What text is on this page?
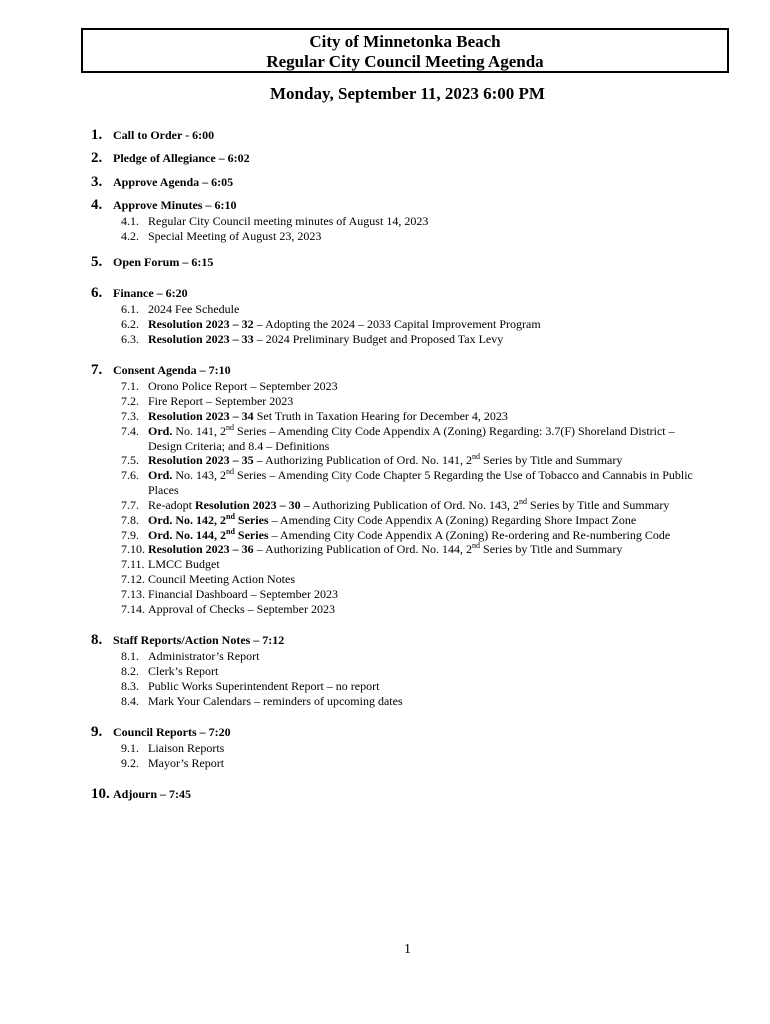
City of Minnetonka Beach
Regular City Council Meeting Agenda
Monday, September 11, 2023 6:00 PM
1. Call to Order - 6:00
2. Pledge of Allegiance – 6:02
3. Approve Agenda – 6:05
4. Approve Minutes – 6:10
4.1. Regular City Council meeting minutes of August 14, 2023
4.2. Special Meeting of August 23, 2023
5. Open Forum – 6:15
6. Finance – 6:20
6.1. 2024 Fee Schedule
6.2. Resolution 2023 – 32 – Adopting the 2024 – 2033 Capital Improvement Program
6.3. Resolution 2023 – 33 – 2024 Preliminary Budget and Proposed Tax Levy
7. Consent Agenda – 7:10
7.1. Orono Police Report – September 2023
7.2. Fire Report – September 2023
7.3. Resolution 2023 – 34 Set Truth in Taxation Hearing for December 4, 2023
7.4. Ord. No. 141, 2nd Series – Amending City Code Appendix A (Zoning) Regarding: 3.7(F) Shoreland District –
Design Criteria; and 8.4 – Definitions
7.5. Resolution 2023 – 35 – Authorizing Publication of Ord. No. 141, 2nd Series by Title and Summary
7.6. Ord. No. 143, 2nd Series – Amending City Code Chapter 5 Regarding the Use of Tobacco and Cannabis in Public
Places
7.7. Re-adopt Resolution 2023 – 30 – Authorizing Publication of Ord. No. 143, 2nd Series by Title and Summary
7.8. Ord. No. 142, 2nd Series – Amending City Code Appendix A (Zoning) Regarding Shore Impact Zone
7.9. Ord. No. 144, 2nd Series – Amending City Code Appendix A (Zoning) Re-ordering and Re-numbering Code
7.10. Resolution 2023 – 36 – Authorizing Publication of Ord. No. 144, 2nd Series by Title and Summary
7.11. LMCC Budget
7.12. Council Meeting Action Notes
7.13. Financial Dashboard – September 2023
7.14. Approval of Checks – September 2023
8. Staff Reports/Action Notes – 7:12
8.1. Administrator’s Report
8.2. Clerk’s Report
8.3. Public Works Superintendent Report – no report
8.4. Mark Your Calendars – reminders of upcoming dates
9. Council Reports – 7:20
9.1. Liaison Reports
9.2. Mayor’s Report
10. Adjourn – 7:45
1
